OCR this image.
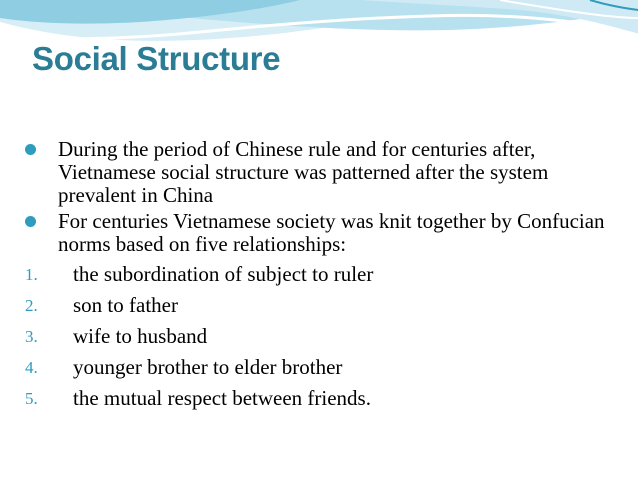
Social Structure
During the period of Chinese rule and for centuries after, Vietnamese social structure was patterned after the system prevalent in China
For centuries Vietnamese society was knit together by Confucian norms based on five relationships:
1. the subordination of subject to ruler
2. son to father
3. wife to husband
4. younger brother to elder brother
5. the mutual respect between friends.
